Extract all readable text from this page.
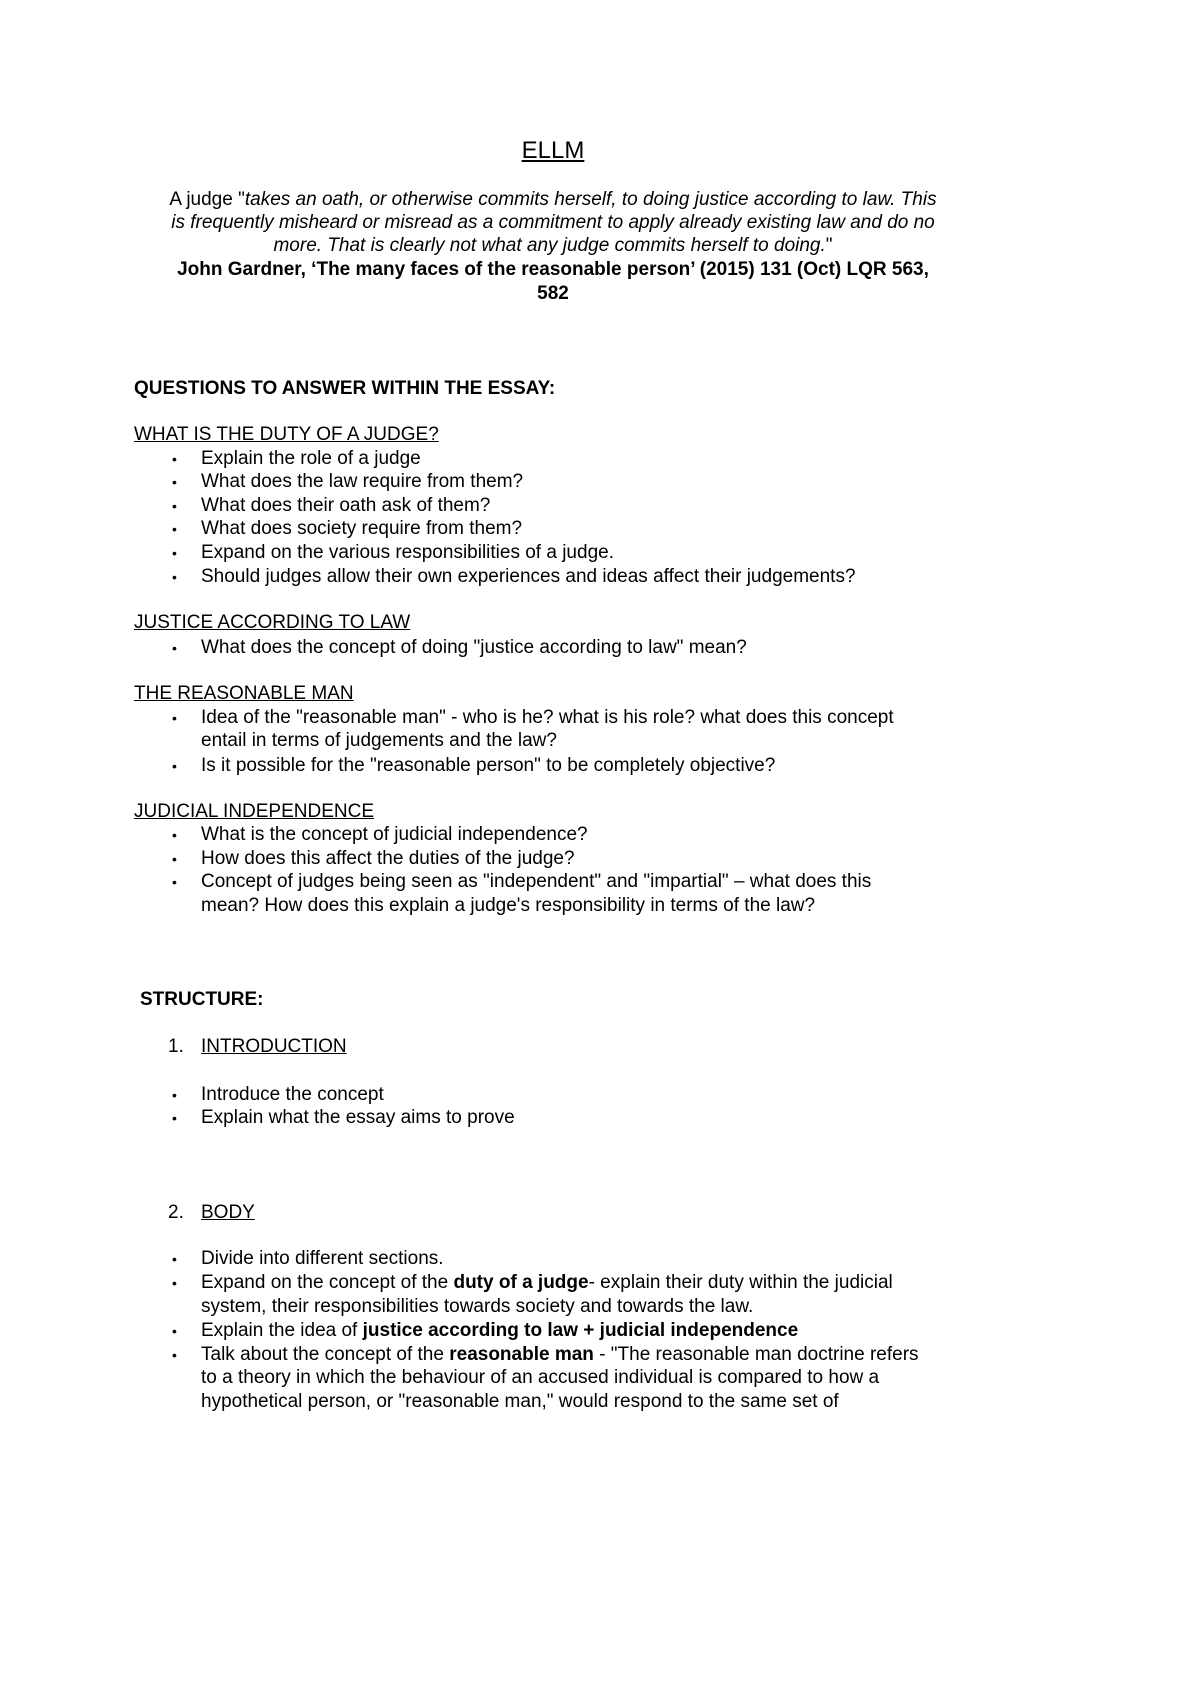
ELLM
A judge "takes an oath, or otherwise commits herself, to doing justice according to law. This
is frequently misheard or misread as a commitment to apply already existing law and do no
more. That is clearly not what any judge commits herself to doing."
John Gardner, ‘The many faces of the reasonable person’ (2015) 131 (Oct) LQR 563,
582
QUESTIONS TO ANSWER WITHIN THE ESSAY:
WHAT IS THE DUTY OF A JUDGE?
• Explain the role of a judge
• What does the law require from them?
• What does their oath ask of them?
• What does society require from them?
• Expand on the various responsibilities of a judge.
• Should judges allow their own experiences and ideas affect their judgements?
JUSTICE ACCORDING TO LAW
• What does the concept of doing "justice according to law" mean?
THE REASONABLE MAN
• Idea of the "reasonable man" - who is he? what is his role? what does this concept
entail in terms of judgements and the law?
• Is it possible for the "reasonable person" to be completely objective?
JUDICIAL INDEPENDENCE
• What is the concept of judicial independence?
• How does this affect the duties of the judge?
• Concept of judges being seen as "independent" and "impartial" – what does this
mean? How does this explain a judge's responsibility in terms of the law?
STRUCTURE:
1. INTRODUCTION
• Introduce the concept
• Explain what the essay aims to prove
2. BODY
• Divide into different sections.
• Expand on the concept of the duty of a judge- explain their duty within the judicial
system, their responsibilities towards society and towards the law.
• Explain the idea of justice according to law + judicial independence
• Talk about the concept of the reasonable man - "The reasonable man doctrine refers
to a theory in which the behaviour of an accused individual is compared to how a
hypothetical person, or "reasonable man," would respond to the same set of
